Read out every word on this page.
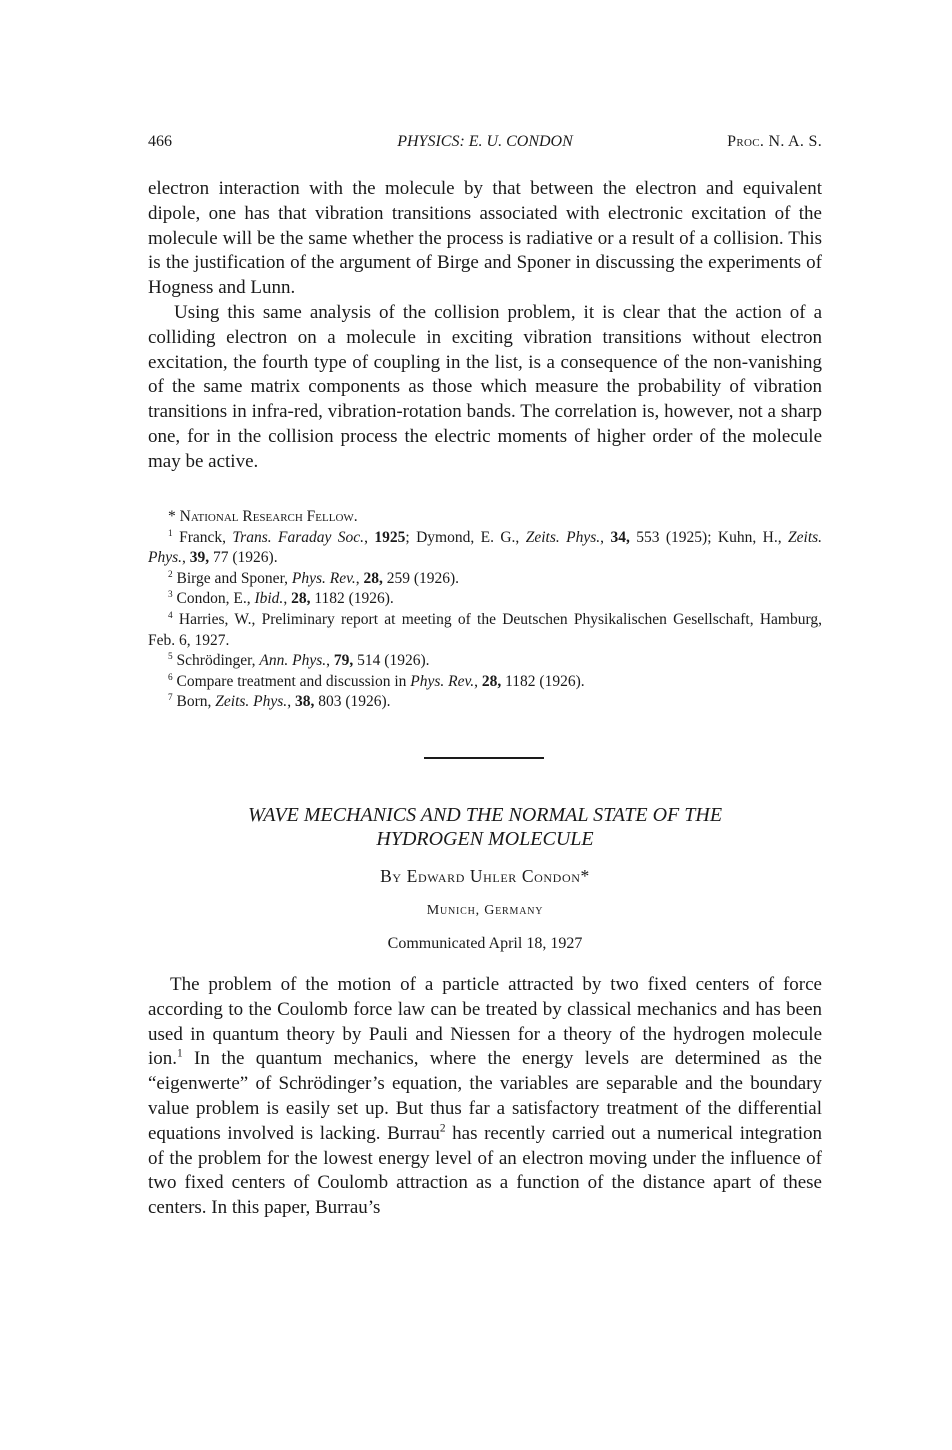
466	PHYSICS: E. U. CONDON	Proc. N. A. S.

electron interaction with the molecule by that between the electron and equivalent dipole, one has that vibration transitions associated with electronic excitation of the molecule will be the same whether the process is radiative or a result of a collision. This is the justification of the argument of Birge and Sponer in discussing the experiments of Hogness and Lunn.

Using this same analysis of the collision problem, it is clear that the action of a colliding electron on a molecule in exciting vibration transitions without electron excitation, the fourth type of coupling in the list, is a consequence of the non-vanishing of the same matrix components as those which measure the probability of vibration transitions in infra-red, vibration-rotation bands. The correlation is, however, not a sharp one, for in the collision process the electric moments of higher order of the molecule may be active.

* National Research Fellow.

$^1$ Franck, Trans. Faraday Soc., 1925; Dymond, E. G., Zeits. Phys., 34, 553 (1925); Kuhn, H., Zeits. Phys., 39, 77 (1926).

$^2$ Birge and Sponer, Phys. Rev., 28, 259 (1926).

$^3$ Condon, E., Ibid., 28, 1182 (1926).

$^4$ Harries, W., Preliminary report at meeting of the Deutschen Physikalischen Gesellschaft, Hamburg, Feb. 6, 1927.

$^5$ Schrödinger, Ann. Phys., 79, 514 (1926).

$^6$ Compare treatment and discussion in Phys. Rev., 28, 1182 (1926).

$^7$ Born, Zeits. Phys., 38, 803 (1926).

WAVE MECHANICS AND THE NORMAL STATE OF THE
HYDROGEN MOLECULE
By Edward Uhler Condon*
Munich, Germany
Communicated April 18, 1927

The problem of the motion of a particle attracted by two fixed centers of force according to the Coulomb force law can be treated by classical mechanics and has been used in quantum theory by Pauli and Niessen for a theory of the hydrogen molecule ion.$^1$ In the quantum mechanics, where the energy levels are determined as the “eigenwerte” of Schrödinger’s equation, the variables are separable and the boundary value problem is easily set up. But thus far a satisfactory treatment of the differential equations involved is lacking. Burrau$^2$ has recently carried out a numerical integration of the problem for the lowest energy level of an electron moving under the influence of two fixed centers of Coulomb attraction as a function of the distance apart of these centers. In this paper, Burrau’s
